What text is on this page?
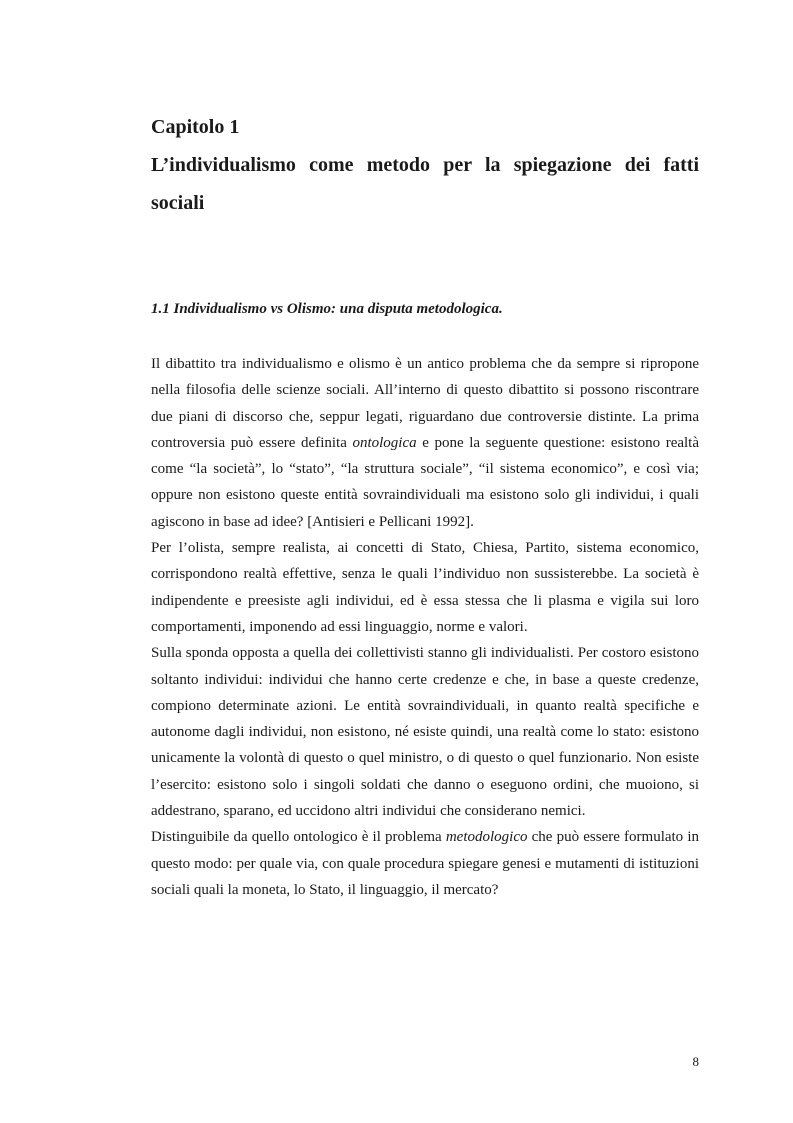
Capitolo 1
L’individualismo come metodo per la spiegazione dei fatti sociali
1.1 Individualismo vs Olismo: una disputa metodologica.

Il dibattito tra individualismo e olismo è un antico problema che da sempre si ripropone nella filosofia delle scienze sociali. All’interno di questo dibattito si possono riscontrare due piani di discorso che, seppur legati, riguardano due controversie distinte. La prima controversia può essere definita ontologica e pone la seguente questione: esistono realtà come “la società”, lo “stato”, “la struttura sociale”, “il sistema economico”, e così via; oppure non esistono queste entità sovraindividuali ma esistono solo gli individui, i quali agiscono in base ad idee? [Antisieri e Pellicani 1992].

Per l’olista, sempre realista, ai concetti di Stato, Chiesa, Partito, sistema economico, corrispondono realtà effettive, senza le quali l’individuo non sussisterebbe. La società è indipendente e preesiste agli individui, ed è essa stessa che li plasma e vigila sui loro comportamenti, imponendo ad essi linguaggio, norme e valori.

Sulla sponda opposta a quella dei collettivisti stanno gli individualisti. Per costoro esistono soltanto individui: individui che hanno certe credenze e che, in base a queste credenze, compiono determinate azioni. Le entità sovraindividuali, in quanto realtà specifiche e autonome dagli individui, non esistono, né esiste quindi, una realtà come lo stato: esistono unicamente la volontà di questo o quel ministro, o di questo o quel funzionario. Non esiste l’esercito: esistono solo i singoli soldati che danno o eseguono ordini, che muoiono, si addestrano, sparano, ed uccidono altri individui che considerano nemici.

Distinguibile da quello ontologico è il problema metodologico che può essere formulato in questo modo: per quale via, con quale procedura spiegare genesi e mutamenti di istituzioni sociali quali la moneta, lo Stato, il linguaggio, il mercato?

8
